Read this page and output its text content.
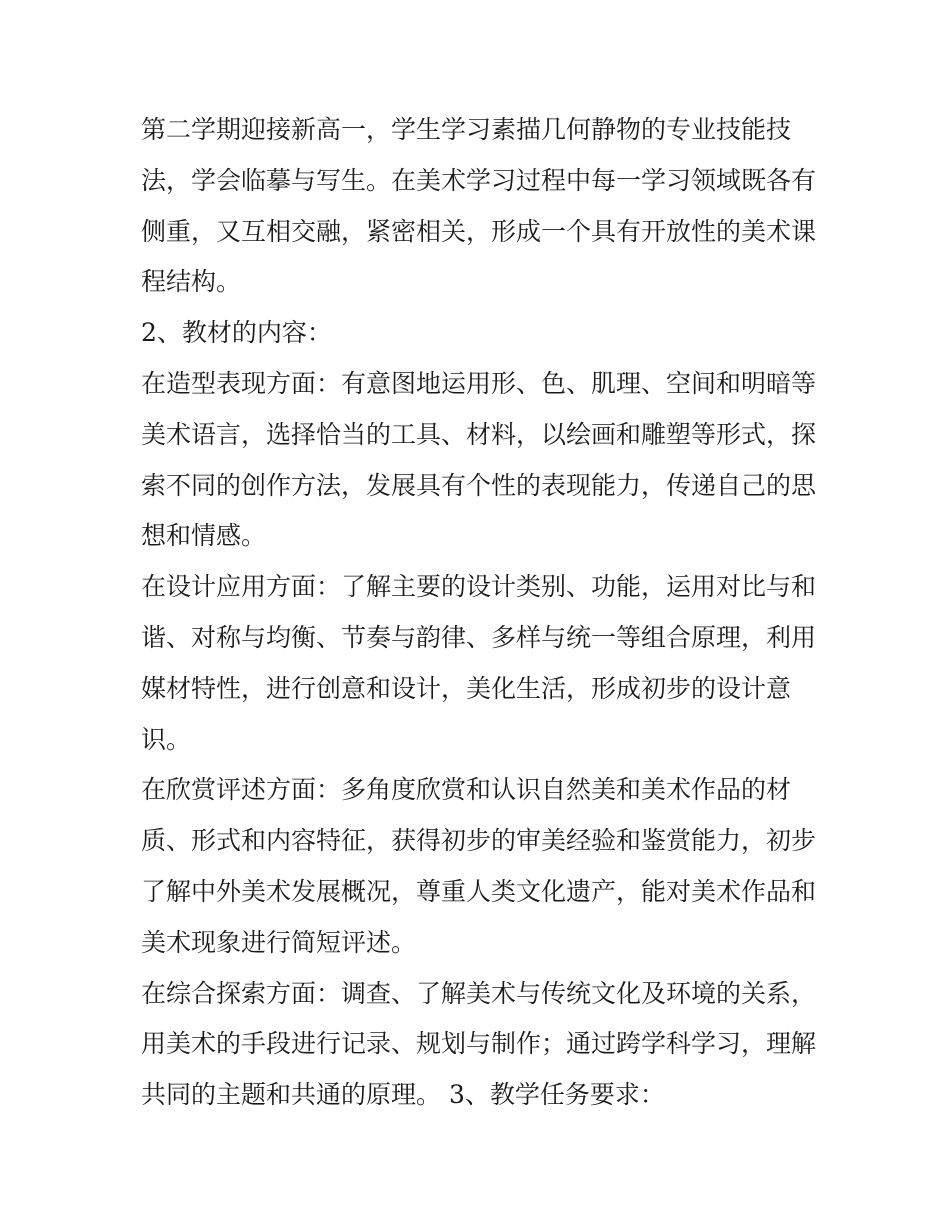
第二学期迎接新高一，学生学习素描几何静物的专业技能技
法，学会临摹与写生。在美术学习过程中每一学习领域既各有
侧重，又互相交融，紧密相关，形成一个具有开放性的美术课
程结构。
2、教材的内容：
在造型表现方面：有意图地运用形、色、肌理、空间和明暗等
美术语言，选择恰当的工具、材料，以绘画和雕塑等形式，探
索不同的创作方法，发展具有个性的表现能力，传递自己的思
想和情感。
在设计应用方面：了解主要的设计类别、功能，运用对比与和
谐、对称与均衡、节奏与韵律、多样与统一等组合原理，利用
媒材特性，进行创意和设计，美化生活，形成初步的设计意
识。
在欣赏评述方面：多角度欣赏和认识自然美和美术作品的材
质、形式和内容特征，获得初步的审美经验和鉴赏能力，初步
了解中外美术发展概况，尊重人类文化遗产，能对美术作品和
美术现象进行简短评述。
在综合探索方面：调查、了解美术与传统文化及环境的关系，
用美术的手段进行记录、规划与制作；通过跨学科学习，理解
共同的主题和共通的原理。 3、教学任务要求：
